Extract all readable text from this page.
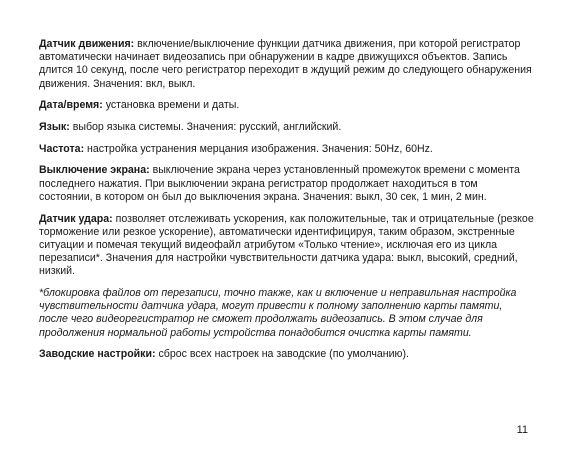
Датчик движения: включение/выключение функции датчика движения, при которой регистратор автоматически начинает видеозапись при обнаружении в кадре движущихся объектов. Запись длится 10 секунд, после чего регистратор переходит в ждущий режим до следующего обнаружения движения. Значения: вкл, выкл.

Дата/время: установка времени и даты.

Язык: выбор языка системы. Значения: русский, английский.

Частота: настройка устранения мерцания изображения. Значения: 50Hz, 60Hz.

Выключение экрана: выключение экрана через установленный промежуток времени с момента последнего нажатия. При выключении экрана регистратор продолжает находиться в том состоянии, в котором он был до выключения экрана. Значения: выкл, 30 сек, 1 мин, 2 мин.

Датчик удара: позволяет отслеживать ускорения, как положительные, так и отрицательные (резкое торможение или резкое ускорение), автоматически идентифицируя, таким образом, экстренные ситуации и помечая текущий видеофайл атрибутом «Только чтение», исключая его из цикла перезаписи*. Значения для настройки чувствительности датчика удара: выкл, высокий, средний, низкий.

*блокировка файлов от перезаписи, точно также, как и включение и неправильная настройка чувствительности датчика удара, могут привести к полному заполнению карты памяти, после чего видеорегистратор не сможет продолжать видеозапись. В этом случае для продолжения нормальной работы устройства понадобится очистка карты памяти.

Заводские настройки: сброс всех настроек на заводские (по умолчанию).

11
